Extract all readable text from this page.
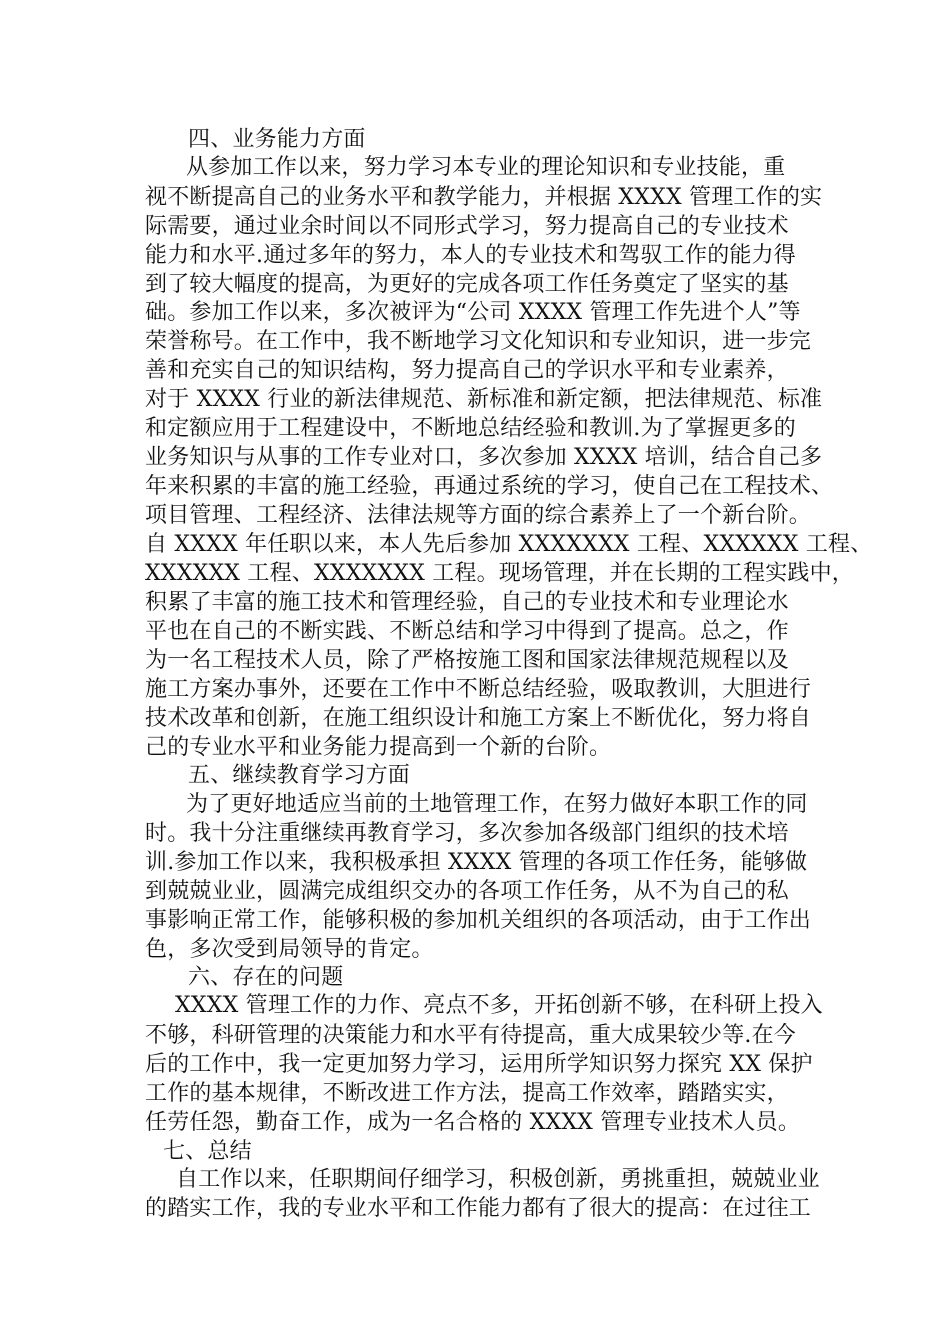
四、业务能力方面
从参加工作以来，努力学习本专业的理论知识和专业技能，重
视不断提高自己的业务水平和教学能力，并根据 XXXX 管理工作的实
际需要，通过业余时间以不同形式学习，努力提高自己的专业技术
能力和水平.通过多年的努力，本人的专业技术和驾驭工作的能力得
到了较大幅度的提高，为更好的完成各项工作任务奠定了坚实的基
础。参加工作以来，多次被评为“公司 XXXX 管理工作先进个人”等
荣誉称号。在工作中，我不断地学习文化知识和专业知识，进一步完
善和充实自己的知识结构，努力提高自己的学识水平和专业素养，
对于 XXXX 行业的新法律规范、新标准和新定额，把法律规范、标准
和定额应用于工程建设中，不断地总结经验和教训.为了掌握更多的
业务知识与从事的工作专业对口，多次参加 XXXX 培训，结合自己多
年来积累的丰富的施工经验，再通过系统的学习，使自己在工程技术、
项目管理、工程经济、法律法规等方面的综合素养上了一个新台阶。
自 XXXX 年任职以来，本人先后参加 XXXXXXX 工程、XXXXXX 工程、
XXXXXX 工程、XXXXXXX 工程。现场管理，并在长期的工程实践中，
积累了丰富的施工技术和管理经验，自己的专业技术和专业理论水
平也在自己的不断实践、不断总结和学习中得到了提高。总之，作
为一名工程技术人员，除了严格按施工图和国家法律规范规程以及
施工方案办事外，还要在工作中不断总结经验，吸取教训，大胆进行
技术改革和创新，在施工组织设计和施工方案上不断优化，努力将自
己的专业水平和业务能力提高到一个新的台阶。
五、继续教育学习方面
为了更好地适应当前的土地管理工作，在努力做好本职工作的同
时。我十分注重继续再教育学习，多次参加各级部门组织的技术培
训.参加工作以来，我积极承担 XXXX 管理的各项工作任务，能够做
到兢兢业业，圆满完成组织交办的各项工作任务，从不为自己的私
事影响正常工作，能够积极的参加机关组织的各项活动，由于工作出
色，多次受到局领导的肯定。
六、存在的问题
XXXX 管理工作的力作、亮点不多，开拓创新不够，在科研上投入
不够，科研管理的决策能力和水平有待提高，重大成果较少等.在今
后的工作中，我一定更加努力学习，运用所学知识努力探究 XX 保护
工作的基本规律，不断改进工作方法，提高工作效率，踏踏实实，
任劳任怨，勤奋工作，成为一名合格的 XXXX 管理专业技术人员。
七、总结
自工作以来，任职期间仔细学习，积极创新，勇挑重担，兢兢业业
的踏实工作，我的专业水平和工作能力都有了很大的提高：在过往工
